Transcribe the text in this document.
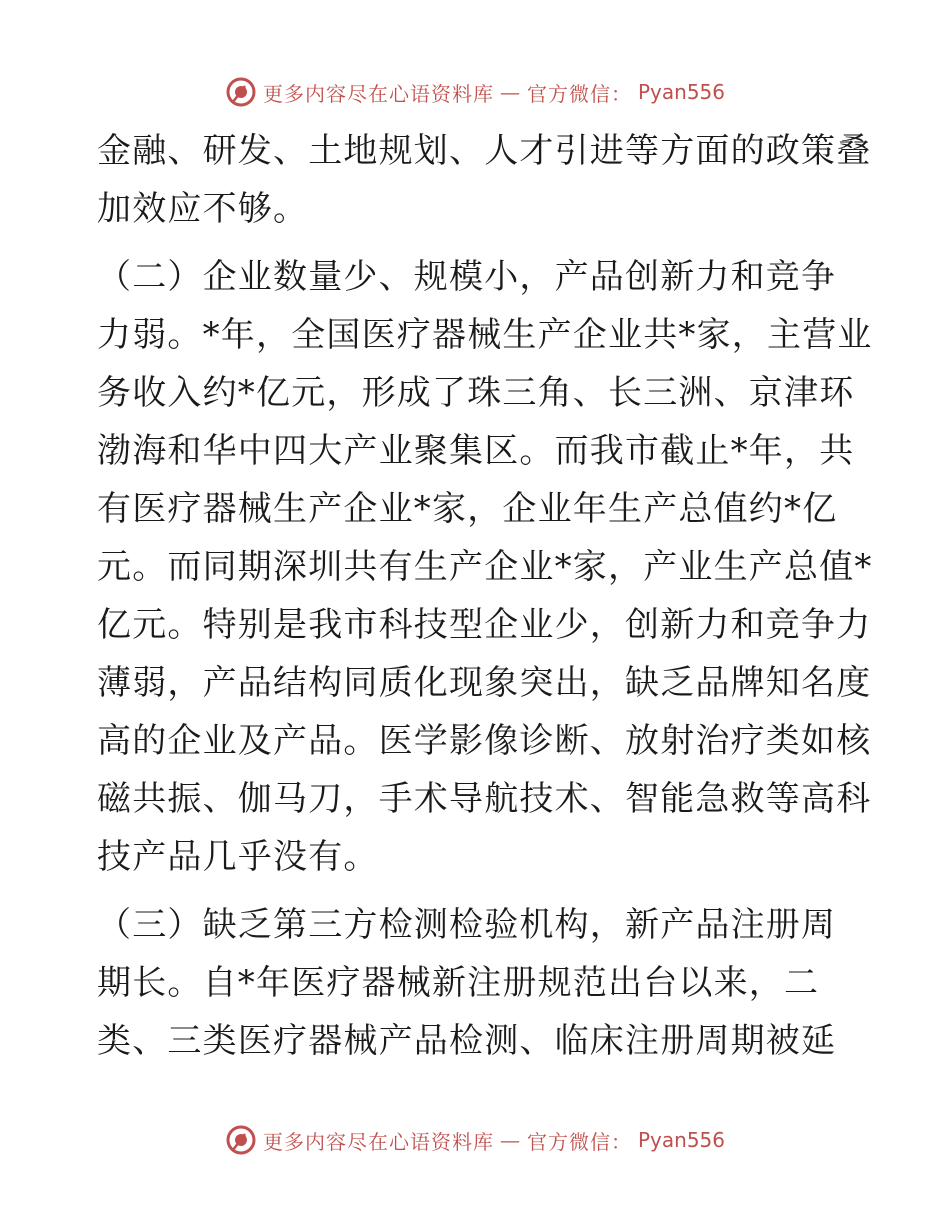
更多内容尽在心语资料库 — 官方微信： Pyan556
金融、研发、土地规划、人才引进等方面的政策叠
加效应不够。
（二）企业数量少、规模小，产品创新力和竞争
力弱。*年，全国医疗器械生产企业共*家，主营业
务收入约*亿元，形成了珠三角、长三洲、京津环
渤海和华中四大产业聚集区。而我市截止*年，共
有医疗器械生产企业*家，企业年生产总值约*亿
元。而同期深圳共有生产企业*家，产业生产总值*
亿元。特别是我市科技型企业少，创新力和竞争力
薄弱，产品结构同质化现象突出，缺乏品牌知名度
高的企业及产品。医学影像诊断、放射治疗类如核
磁共振、伽马刀，手术导航技术、智能急救等高科
技产品几乎没有。
（三）缺乏第三方检测检验机构，新产品注册周
期长。自*年医疗器械新注册规范出台以来，二
类、三类医疗器械产品检测、临床注册周期被延
更多内容尽在心语资料库 — 官方微信： Pyan556
